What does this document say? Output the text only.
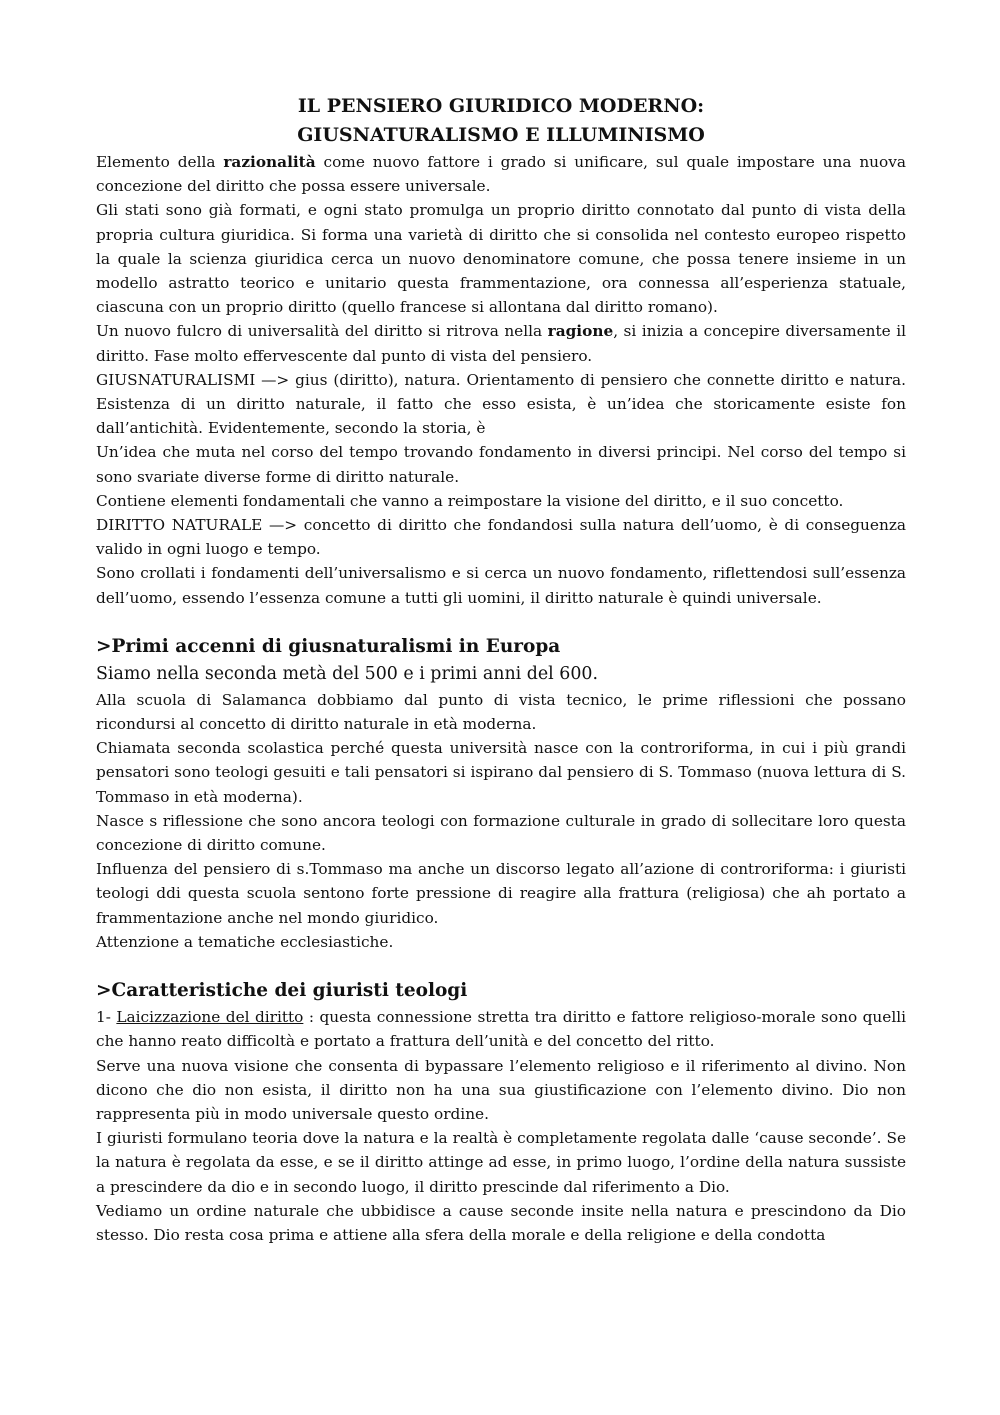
IL PENSIERO GIURIDICO MODERNO:
GIUSNATURALISMO E ILLUMINISMO

Elemento della razionalità come nuovo fattore i grado si unificare, sul quale impostare una nuova concezione del diritto che possa essere universale.

Gli stati sono già formati, e ogni stato promulga un proprio diritto connotato dal punto di vista della propria cultura giuridica. Si forma una varietà di diritto che si consolida nel contesto europeo rispetto la quale la scienza giuridica cerca un nuovo denominatore comune, che possa tenere insieme in un modello astratto teorico e unitario questa frammentazione, ora connessa all’esperienza statuale, ciascuna con un proprio diritto (quello francese si allontana dal diritto romano).

Un nuovo fulcro di universalità del diritto si ritrova nella ragione, si inizia a concepire diversamente il diritto. Fase molto effervescente dal punto di vista del pensiero.

GIUSNATURALISMI —> gius (diritto), natura. Orientamento di pensiero che connette diritto e natura. Esistenza di un diritto naturale, il fatto che esso esista, è un’idea che storicamente esiste fon dall’antichità. Evidentemente, secondo la storia, è

Un’idea che muta nel corso del tempo trovando fondamento in diversi principi. Nel corso del tempo si sono svariate diverse forme di diritto naturale.

Contiene elementi fondamentali che vanno a reimpostare la visione del diritto, e il suo concetto.

DIRITTO NATURALE —> concetto di diritto che fondandosi sulla natura dell’uomo, è di conseguenza valido in ogni luogo e tempo.

Sono crollati i fondamenti dell’universalismo e si cerca un nuovo fondamento, riflettendosi sull’essenza dell’uomo, essendo l’essenza comune a tutti gli uomini, il diritto naturale è quindi universale.

>Primi accenni di giusnaturalismi in Europa

Siamo nella seconda metà del 500 e i primi anni del 600.

Alla scuola di Salamanca dobbiamo dal punto di vista tecnico, le prime riflessioni che possano ricondursi al concetto di diritto naturale in età moderna.

Chiamata seconda scolastica perché questa università nasce con la controriforma, in cui i più grandi pensatori sono teologi gesuiti e tali pensatori si ispirano dal pensiero di S. Tommaso (nuova lettura di S. Tommaso in età moderna).

Nasce s riflessione che sono ancora teologi con formazione culturale in grado di sollecitare loro questa concezione di diritto comune.

Influenza del pensiero di s.Tommaso ma anche un discorso legato all’azione di controriforma: i giuristi teologi ddi questa scuola sentono forte pressione di reagire alla frattura (religiosa) che ah portato a frammentazione anche nel mondo giuridico.

Attenzione a tematiche ecclesiastiche.

>Caratteristiche dei giuristi teologi

1- Laicizzazione del diritto : questa connessione stretta tra diritto e fattore religioso-morale sono quelli che hanno reato difficoltà e portato a frattura dell’unità e del concetto del ritto.

Serve una nuova visione che consenta di bypassare l’elemento religioso e il riferimento al divino. Non dicono che dio non esista, il diritto non ha una sua giustificazione con l’elemento divino. Dio non rappresenta più in modo universale questo ordine.

I giuristi formulano teoria dove la natura e la realtà è completamente regolata dalle ‘cause seconde’. Se la natura è regolata da esse, e se il diritto attinge ad esse, in primo luogo, l’ordine della natura sussiste a prescindere da dio e in secondo luogo, il diritto prescinde dal riferimento a Dio.

Vediamo un ordine naturale che ubbidisce a cause seconde insite nella natura e prescindono da Dio stesso. Dio resta cosa prima e attiene alla sfera della morale e della religione e della condotta
